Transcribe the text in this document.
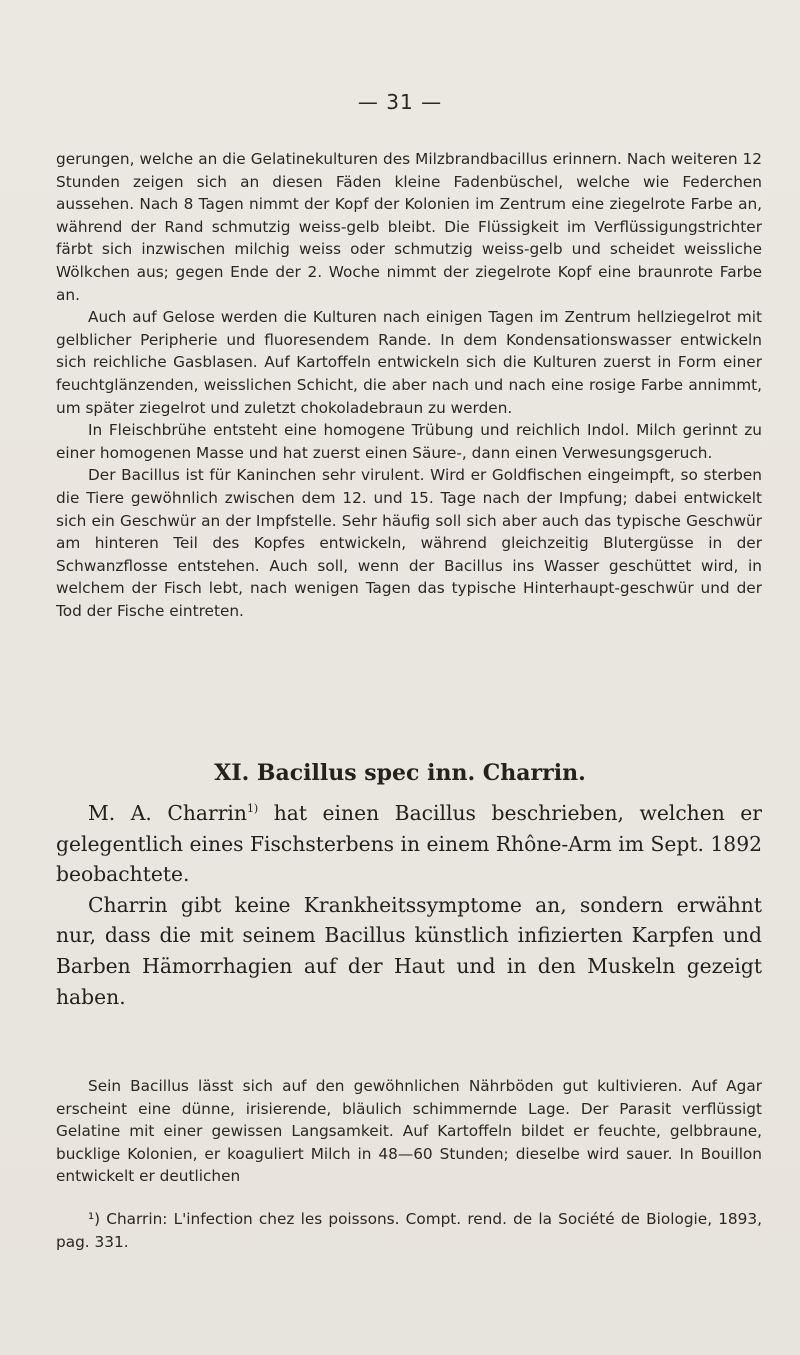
— 31 —

gerungen, welche an die Gelatinekulturen des Milzbrandbacillus erinnern. Nach weiteren 12 Stunden zeigen sich an diesen Fäden kleine Fadenbüschel, welche wie Federchen aussehen. Nach 8 Tagen nimmt der Kopf der Kolonien im Zentrum eine ziegelrote Farbe an, während der Rand schmutzig weiss-gelb bleibt. Die Flüssigkeit im Verflüssigungstrichter färbt sich inzwischen milchig weiss oder schmutzig weiss-gelb und scheidet weissliche Wölkchen aus; gegen Ende der 2. Woche nimmt der ziegelrote Kopf eine braunrote Farbe an.

Auch auf Gelose werden die Kulturen nach einigen Tagen im Zentrum hellziegelrot mit gelblicher Peripherie und fluoresendem Rande. In dem Kondensationswasser entwickeln sich reichliche Gasblasen. Auf Kartoffeln entwickeln sich die Kulturen zuerst in Form einer feuchtglänzenden, weisslichen Schicht, die aber nach und nach eine rosige Farbe annimmt, um später ziegelrot und zuletzt chokoladebraun zu werden.

In Fleischbrühe entsteht eine homogene Trübung und reichlich Indol. Milch gerinnt zu einer homogenen Masse und hat zuerst einen Säure-, dann einen Verwesungsgeruch.

Der Bacillus ist für Kaninchen sehr virulent. Wird er Goldfischen eingeimpft, so sterben die Tiere gewöhnlich zwischen dem 12. und 15. Tage nach der Impfung; dabei entwickelt sich ein Geschwür an der Impfstelle. Sehr häufig soll sich aber auch das typische Geschwür am hinteren Teil des Kopfes entwickeln, während gleichzeitig Blutergüsse in der Schwanzflosse entstehen. Auch soll, wenn der Bacillus ins Wasser geschüttet wird, in welchem der Fisch lebt, nach wenigen Tagen das typische Hinterhaupt-geschwür und der Tod der Fische eintreten.

XI. Bacillus spec inn. Charrin.

M. A. Charrin$^{1)}$ hat einen Bacillus beschrieben, welchen er gelegentlich eines Fischsterbens in einem Rhône-Arm im Sept. 1892 beobachtete.

Charrin gibt keine Krankheitssymptome an, sondern erwähnt nur, dass die mit seinem Bacillus künstlich infizierten Karpfen und Barben Hämorrhagien auf der Haut und in den Muskeln gezeigt haben.

Sein Bacillus lässt sich auf den gewöhnlichen Nährböden gut kultivieren. Auf Agar erscheint eine dünne, irisierende, bläulich schimmernde Lage. Der Parasit verflüssigt Gelatine mit einer gewissen Langsamkeit. Auf Kartoffeln bildet er feuchte, gelbbraune, bucklige Kolonien, er koaguliert Milch in 48—60 Stunden; dieselbe wird sauer. In Bouillon entwickelt er deutlichen

¹) Charrin: L'infection chez les poissons. Compt. rend. de la Société de Biologie, 1893, pag. 331.
